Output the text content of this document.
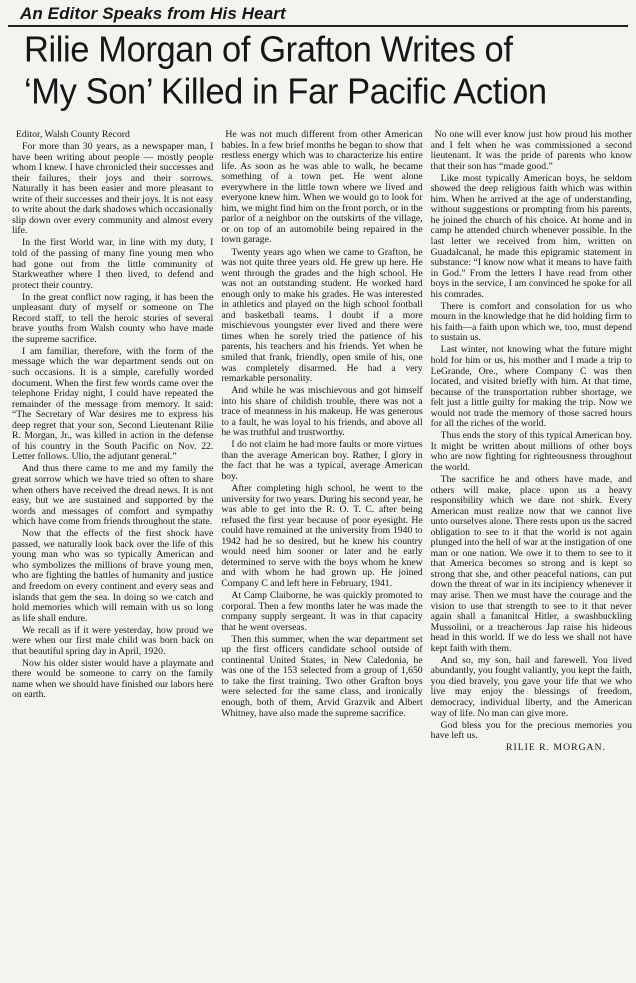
An Editor Speaks from His Heart
Rilie Morgan of Grafton Writes of
‘My Son’ Killed in Far Pacific Action

Editor, Walsh County Record

For more than 30 years, as a newspaper man, I have been writing about people — mostly people whom I knew. I have chronicled their successes and their failures, their joys and their sorrows. Naturally it has been easier and more pleasant to write of their successes and their joys. It is not easy to write about the dark shadows which occasionally slip down over every community and almost every life.

In the first World war, in line with my duty, I told of the passing of many fine young men who had gone out from the little community of Starkweather where I then lived, to defend and protect their country.

In the great conflict now raging, it has been the unpleasant duty of myself or someone on The Record staff, to tell the heroic stories of several brave youths from Walsh county who have made the supreme sacrifice.

I am familiar, therefore, with the form of the message which the war department sends out on such occasions. It is a simple, carefully worded document. When the first few words came over the telephone Friday night, I could have repeated the remainder of the message from memory. It said: “The Secretary of War desires me to express his deep regret that your son, Second Lieutenant Rilie R. Morgan, Jr., was killed in action in the defense of his country in the South Pacific on Nov. 22. Letter follows. Ulio, the adjutant general.”

And thus there came to me and my family the great sorrow which we have tried so often to share when others have received the dread news. It is not easy, but we are sustained and supported by the words and messages of comfort and sympathy which have come from friends throughout the state.

Now that the effects of the first shock have passed, we naturally look back over the life of this young man who was so typically American and who symbolizes the millions of brave young men, who are fighting the battles of humanity and justice and freedom on every continent and every seas and islands that gem the sea. In doing so we catch and hold memories which will remain with us so long as life shall endure.

We recall as if it were yesterday, how proud we were when our first male child was born back on that beautiful spring day in April, 1920.

Now his older sister would have a playmate and there would be someone to carry on the family name when we should have finished our labors here on earth.

He was not much different from other American babies. In a few brief months he began to show that restless energy which was to characterize his entire life. As soon as he was able to walk, he became something of a town pet. He went alone everywhere in the little town where we lived and everyone knew him. When we would go to look for him, we might find him on the front porch, or in the parlor of a neighbor on the outskirts of the village, or on top of an automobile being repaired in the town garage.

Twenty years ago when we came to Grafton, he was not quite three years old. He grew up here. He went through the grades and the high school. He was not an outstanding student. He worked hard enough only to make his grades. He was interested in athletics and played on the high school football and basketball teams. I doubt if a more mischievous youngster ever lived and there were times when he sorely tried the patience of his parents, his teachers and his friends. Yet when he smiled that frank, friendly, open smile of his, one was completely disarmed. He had a very remarkable personality.

And while he was mischievous and got himself into his share of childish trouble, there was not a trace of meanness in his makeup. He was generous to a fault, he was loyal to his friends, and above all he was truthful and trustworthy.

I do not claim he had more faults or more virtues than the average American boy. Rather, I glory in the fact that he was a typical, average American boy.

After completing high school, he went to the university for two years. During his second year, he was able to get into the R. O. T. C. after being refused the first year because of poor eyesight. He could have remained at the university from 1940 to 1942 had he so desired, but he knew his country would need him sooner or later and he early determined to serve with the boys whom he knew and with whom he had grown up. He joined Company C and left here in February, 1941.

At Camp Claiborne, he was quickly promoted to corporal. Then a few months later he was made the company supply sergeant. It was in that capacity that he went overseas.

Then this summer, when the war department set up the first officers candidate school outside of continental United States, in New Caledonia, he was one of the 153 selected from a group of 1,650 to take the first training. Two other Grafton boys were selected for the same class, and ironically enough, both of them, Arvid Grazvik and Albert Whitney, have also made the supreme sacrifice.

No one will ever know just how proud his mother and I felt when he was commissioned a second lieutenant. It was the pride of parents who know that their son has “made good.”

Like most typically American boys, he seldom showed the deep religious faith which was within him. When he arrived at the age of understanding, without suggestions or prompting from his parents, he joined the church of his choice. At home and in camp he attended church whenever possible. In the last letter we received from him, written on Guadalcanal, he made this epigramic statement in substance: “I know now what it means to have faith in God.” From the letters I have read from other boys in the service, I am convinced he spoke for all his comrades.

There is comfort and consolation for us who mourn in the knowledge that he did holding firm to his faith—a faith upon which we, too, must depend to sustain us.

Last winter, not knowing what the future might hold for him or us, his mother and I made a trip to LeGrande, Ore., where Company C was then located, and visited briefly with him. At that time, because of the transportation rubber shortage, we felt just a little guilty for making the trip. Now we would not trade the memory of those sacred hours for all the riches of the world.

Thus ends the story of this typical American boy. It might be written about millions of other boys who are now fighting for righteousness throughout the world.

The sacrifice he and others have made, and others will make, place upon us a heavy responsibility which we dare not shirk. Every American must realize now that we cannot live unto ourselves alone. There rests upon us the sacred obligation to see to it that the world is not again plunged into the hell of war at the instigation of one man or one nation. We owe it to them to see to it that America becomes so strong and is kept so strong that she, and other peaceful nations, can put down the threat of war in its incipiency whenever it may arise. Then we must have the courage and the vision to use that strength to see to it that never again shall a fananitcal Hitler, a swashbuckling Mussolini, or a treacherous Jap raise his hideous head in this world. If we do less we shall not have kept faith with them.

And so, my son, hail and farewell. You lived abundantly, you fought valiantly, you kept the faith, you died bravely, you gave your life that we who live may enjoy the blessings of freedom, democracy, individual liberty, and the American way of life. No man can give more.

God bless you for the precious memories you have left us.

RILIE R. MORGAN.
